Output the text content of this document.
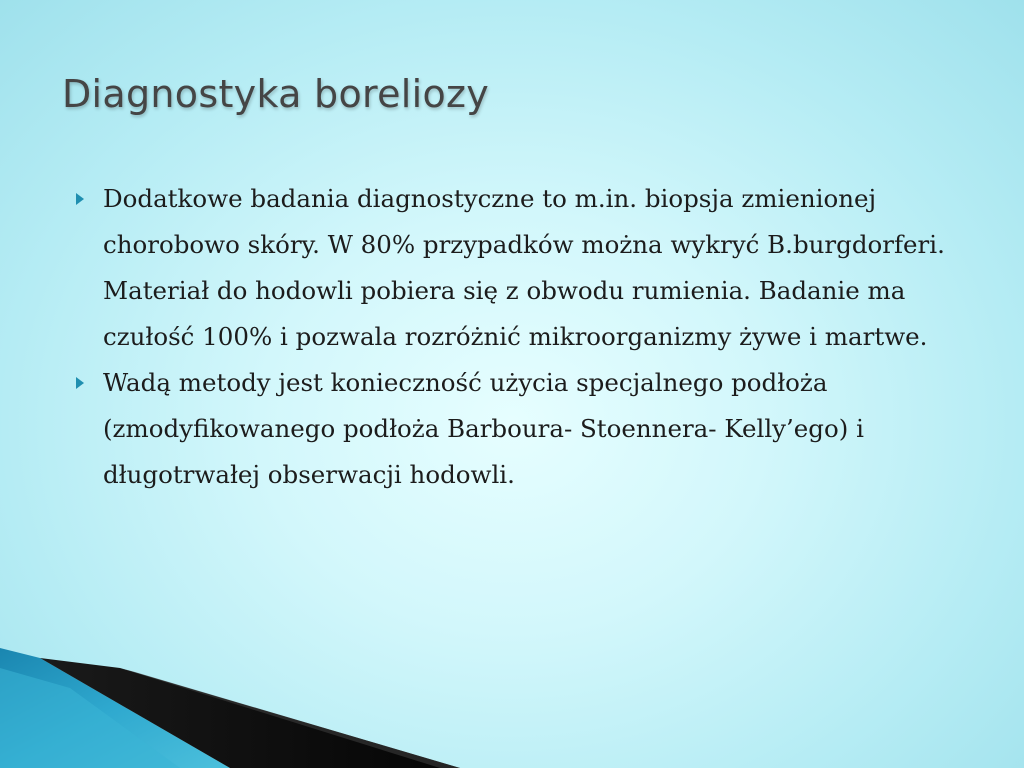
Diagnostyka boreliozy
Dodatkowe badania diagnostyczne to m.in. biopsja zmienionej chorobowo skóry. W 80% przypadków można wykryć B.burgdorferi. Materiał do hodowli pobiera się z obwodu rumienia. Badanie ma czułość 100% i pozwala rozróżnić mikroorganizmy żywe i martwe.
Wadą metody jest konieczność użycia specjalnego podłoża (zmodyfikowanego podłoża Barboura- Stoennera- Kelly’ego) i długotrwałej obserwacji hodowli.
